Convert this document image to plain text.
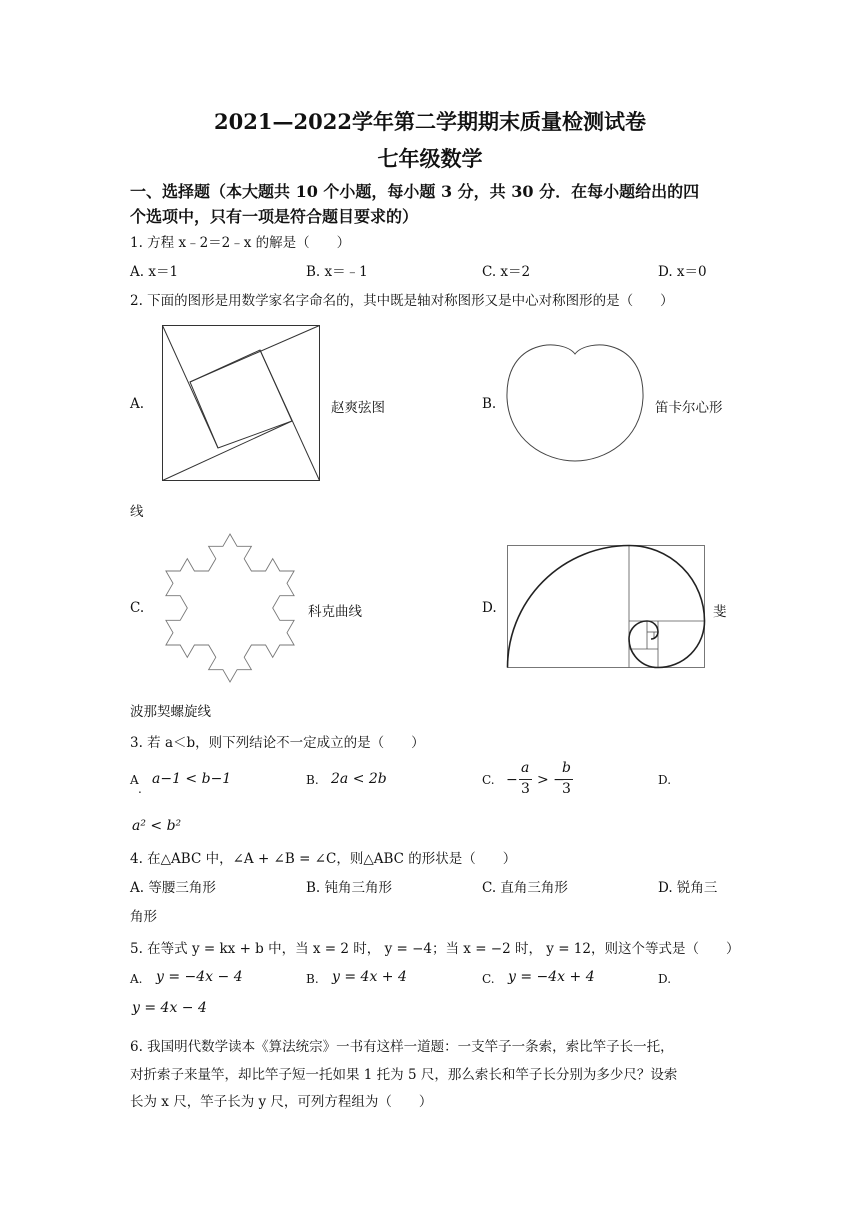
2021—2022学年第二学期期末质量检测试卷
七年级数学
一、选择题（本大题共 10 个小题，每小题 3 分，共 30 分．在每小题给出的四
个选项中，只有一项是符合题目要求的）
1. 方程 x﹣2＝2﹣x 的解是（　　）
A. x＝1	B. x＝﹣1	C. x＝2	D. x＝0
2. 下面的图形是用数学家名字命名的，其中既是轴对称图形又是中心对称图形的是（　　）
A.	赵爽弦图	B.	笛卡尔心形
线
C.	科克曲线	D.	斐
波那契螺旋线
3. 若 a＜b，则下列结论不一定成立的是（　　）
A
.
a−1 < b−1	B. 2a < 2b	C. −
a
3
> −
b
3
D.
a² < b²
4. 在△ABC 中，∠A + ∠B = ∠C，则△ABC 的形状是（　　）
A. 等腰三角形	B. 钝角三角形	C. 直角三角形	D. 锐角三
角形
5. 在等式 y = kx + b 中，当 x = 2 时， y = −4；当 x = −2 时， y = 12，则这个等式是（　　）
A. y = −4x − 4	B. y = 4x + 4	C. y = −4x + 4	D.
y = 4x − 4
6. 我国明代数学读本《算法统宗》一书有这样一道题：一支竿子一条索，索比竿子长一托，
对折索子来量竿，却比竿子短一托如果 1 托为 5 尺，那么索长和竿子长分别为多少尺？设索
长为 x 尺，竿子长为 y 尺，可列方程组为（　　）
